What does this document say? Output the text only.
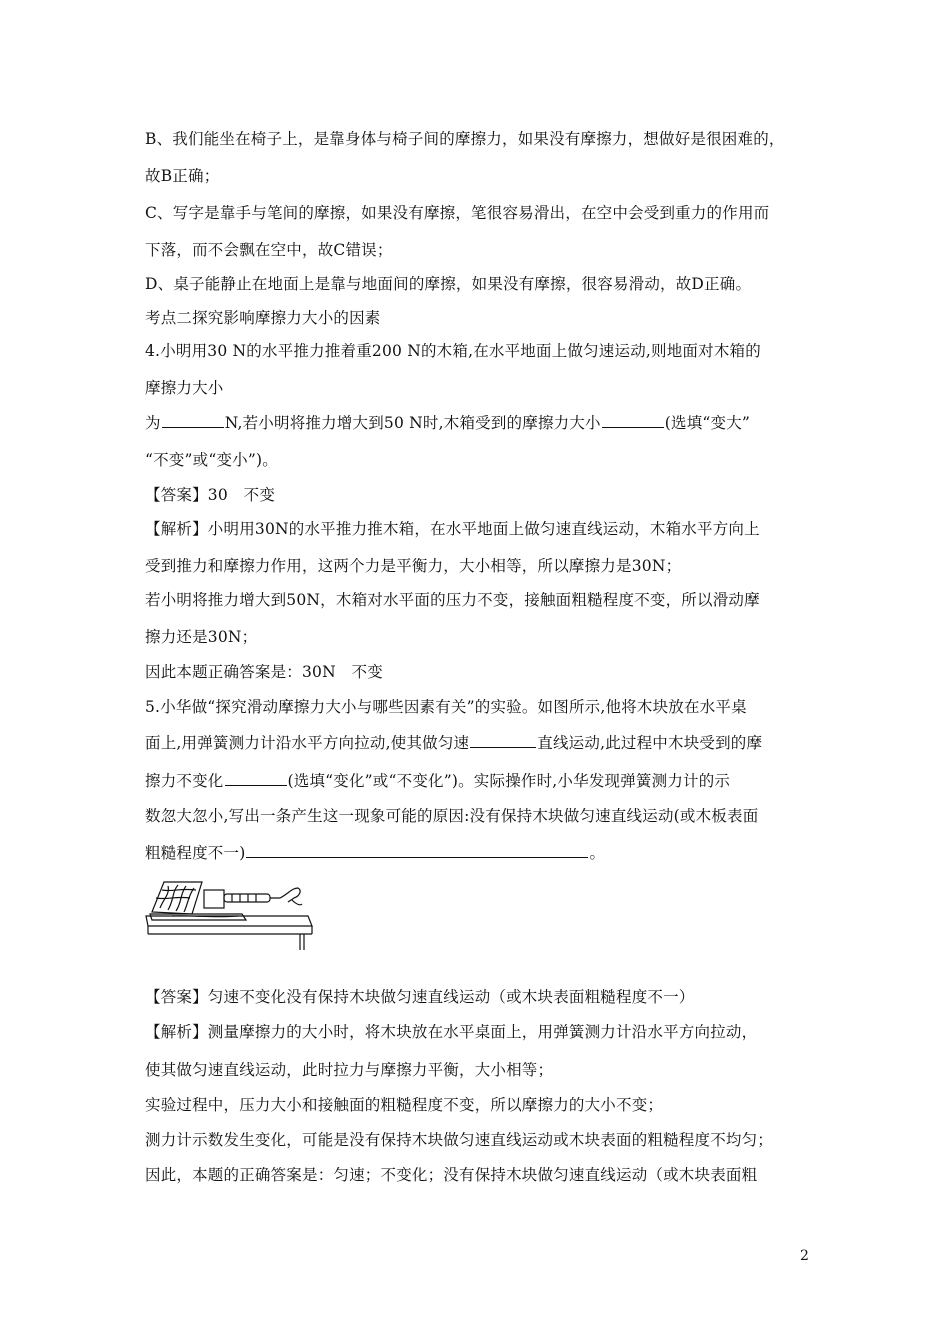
B、我们能坐在椅子上，是靠身体与椅子间的摩擦力，如果没有摩擦力，想做好是很困难的，
故B正确；
C、写字是靠手与笔间的摩擦，如果没有摩擦，笔很容易滑出，在空中会受到重力的作用而
下落，而不会飘在空中，故C错误；
D、桌子能静止在地面上是靠与地面间的摩擦，如果没有摩擦，很容易滑动，故D正确。
考点二探究影响摩擦力大小的因素
4.小明用30 N的水平推力推着重200 N的木箱,在水平地面上做匀速运动,则地面对木箱的
摩擦力大小
为	N,若小明将推力增大到50 N时,木箱受到的摩擦力大小	(选填“变大”
“不变”或“变小”)。
【答案】30　不变
【解析】小明用30N的水平推力推木箱，在水平地面上做匀速直线运动，木箱水平方向上
受到推力和摩擦力作用，这两个力是平衡力，大小相等，所以摩擦力是30N；
若小明将推力增大到50N，木箱对水平面的压力不变，接触面粗糙程度不变，所以滑动摩
擦力还是30N；
因此本题正确答案是：30N　不变
5.小华做“探究滑动摩擦力大小与哪些因素有关”的实验。如图所示,他将木块放在水平桌
面上,用弹簧测力计沿水平方向拉动,使其做匀速	直线运动,此过程中木块受到的摩
擦力不变化	(选填“变化”或“不变化”)。实际操作时,小华发现弹簧测力计的示
数忽大忽小,写出一条产生这一现象可能的原因:没有保持木块做匀速直线运动(或木板表面
粗糙程度不一)	。
【答案】匀速不变化没有保持木块做匀速直线运动（或木块表面粗糙程度不一）
【解析】测量摩擦力的大小时，将木块放在水平桌面上，用弹簧测力计沿水平方向拉动，
使其做匀速直线运动，此时拉力与摩擦力平衡，大小相等；
实验过程中，压力大小和接触面的粗糙程度不变，所以摩擦力的大小不变；
测力计示数发生变化，可能是没有保持木块做匀速直线运动或木块表面的粗糙程度不均匀；
因此，本题的正确答案是：匀速；不变化；没有保持木块做匀速直线运动（或木块表面粗
2
